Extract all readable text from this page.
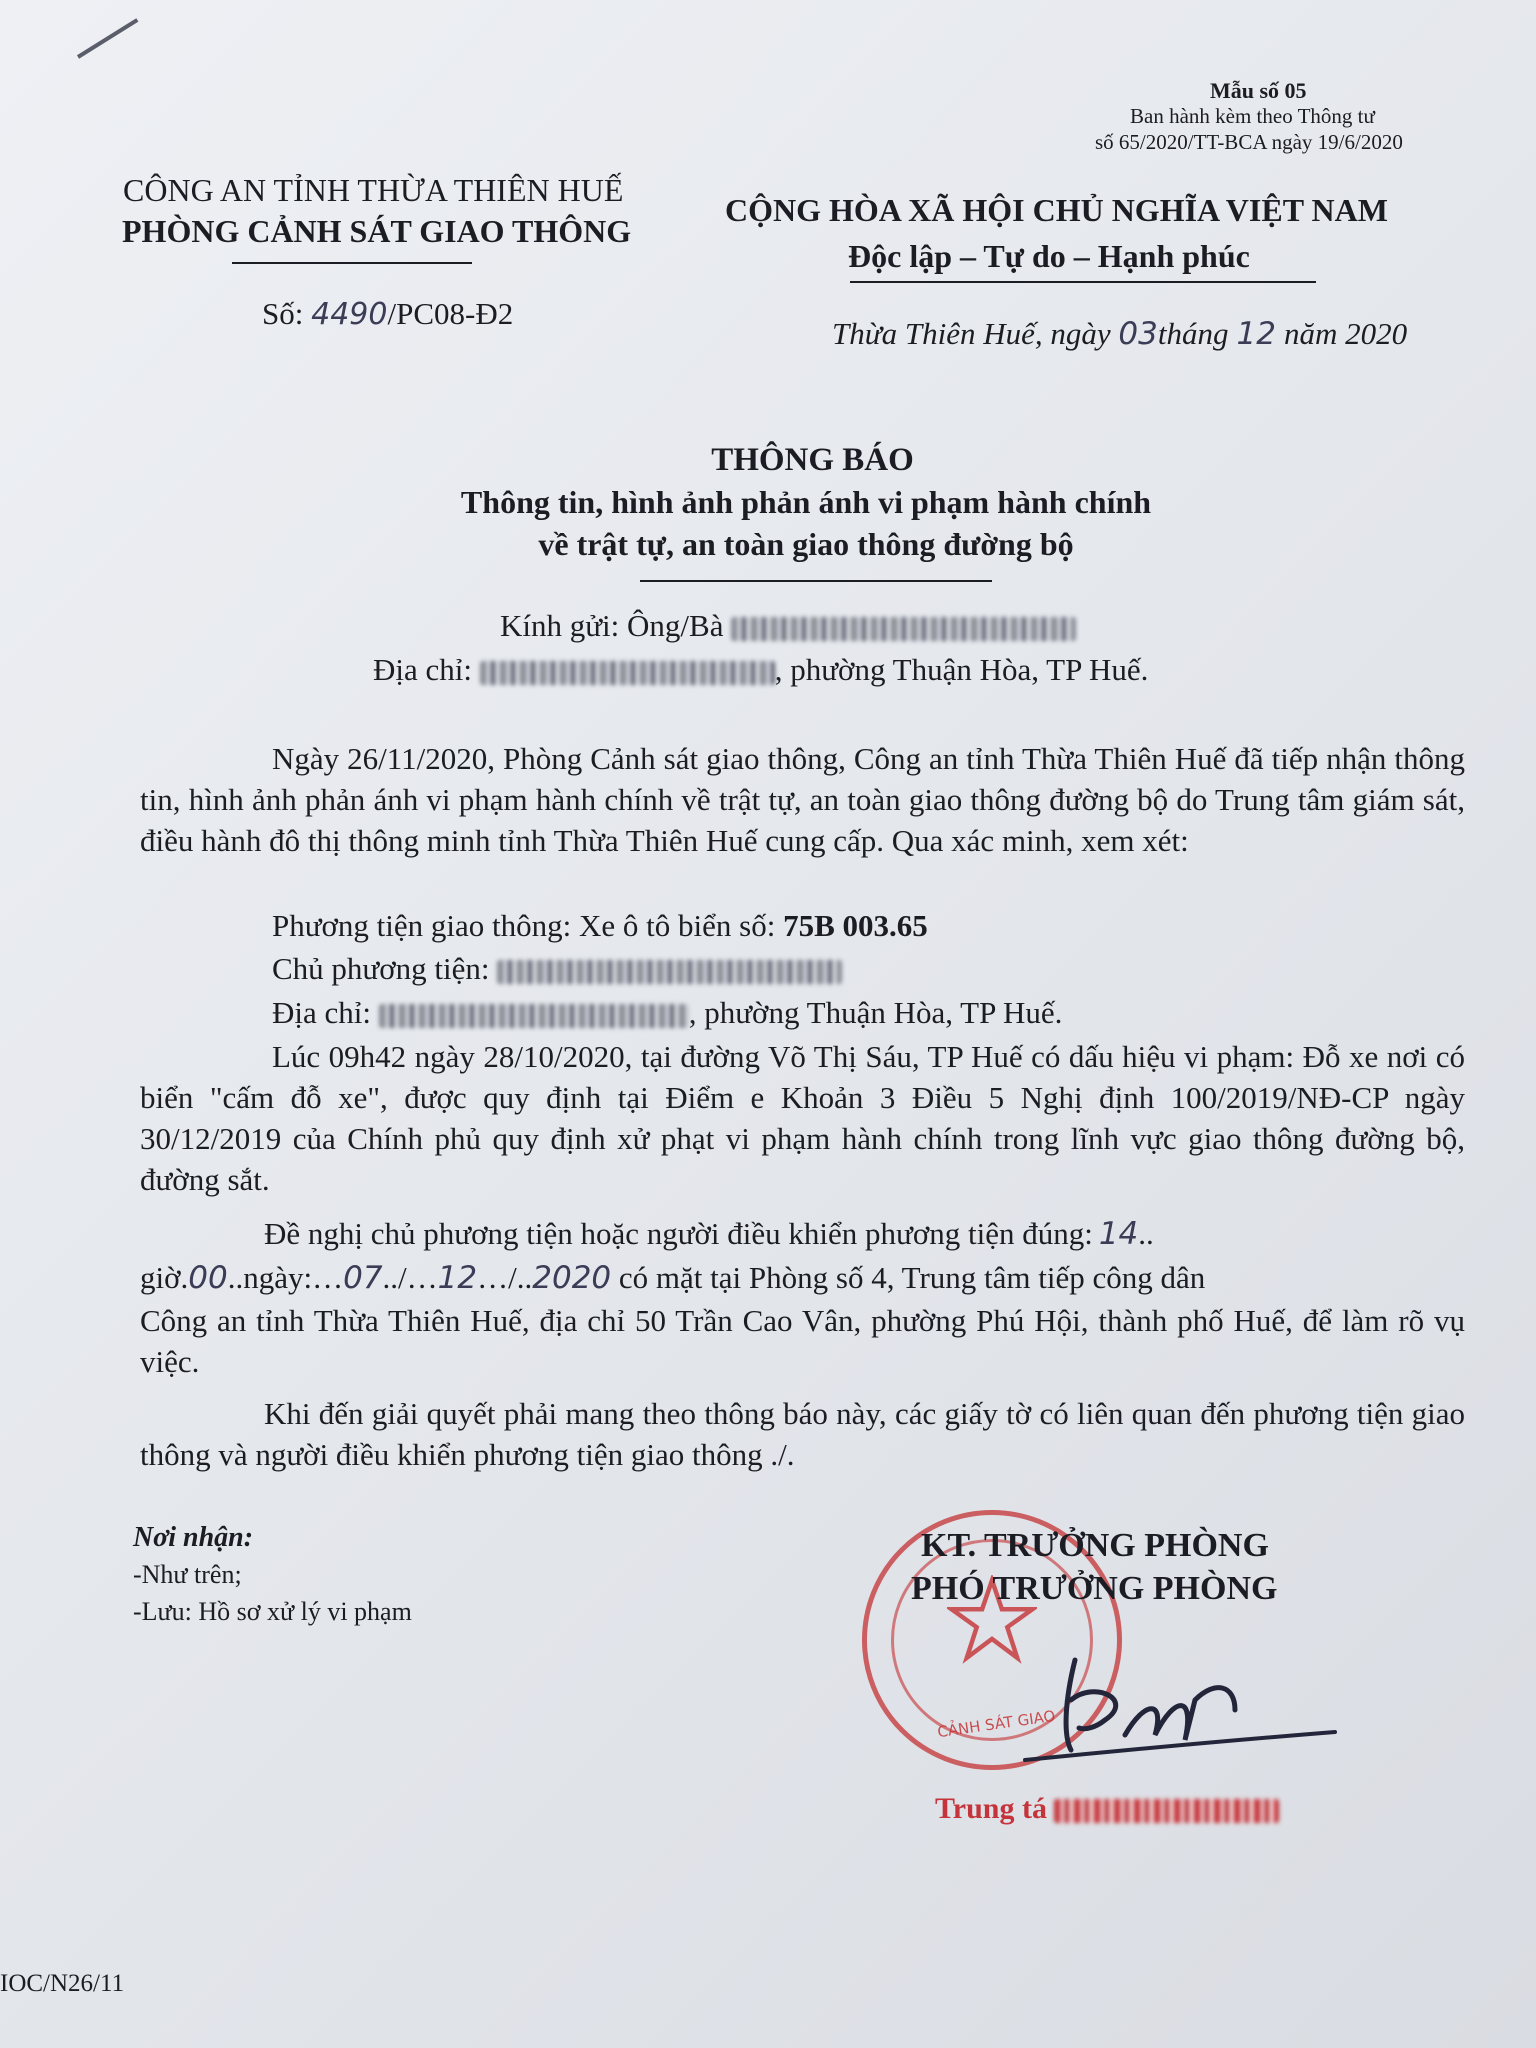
Mẫu số 05
Ban hành kèm theo Thông tư
số 65/2020/TT-BCA ngày 19/6/2020
CÔNG AN TỈNH THỪA THIÊN HUẾ
PHÒNG CẢNH SÁT GIAO THÔNG
Số: 4490/PC08-Đ2
CỘNG HÒA XÃ HỘI CHỦ NGHĨA VIỆT NAM
Độc lập – Tự do – Hạnh phúc
Thừa Thiên Huế, ngày 03tháng 12 năm 2020
THÔNG BÁO
Thông tin, hình ảnh phản ánh vi phạm hành chính
về trật tự, an toàn giao thông đường bộ
Kính gửi: Ông/Bà
Địa chỉ:	, phường Thuận Hòa, TP Huế.
Ngày 26/11/2020, Phòng Cảnh sát giao thông, Công an tỉnh Thừa Thiên Huế đã tiếp nhận thông tin, hình ảnh phản ánh vi phạm hành chính về trật tự, an toàn giao thông đường bộ do Trung tâm giám sát, điều hành đô thị thông minh tỉnh Thừa Thiên Huế cung cấp. Qua xác minh, xem xét:
Phương tiện giao thông: Xe ô tô biển số: 75B 003.65
Chủ phương tiện:
Địa chỉ:	, phường Thuận Hòa, TP Huế.
Lúc 09h42 ngày 28/10/2020, tại đường Võ Thị Sáu, TP Huế có dấu hiệu vi phạm: Đỗ xe nơi có biển "cấm đỗ xe", được quy định tại Điểm e Khoản 3 Điều 5 Nghị định 100/2019/NĐ-CP ngày 30/12/2019 của Chính phủ quy định xử phạt vi phạm hành chính trong lĩnh vực giao thông đường bộ, đường sắt.
Đề nghị chủ phương tiện hoặc người điều khiển phương tiện đúng: 14..
giờ.00..ngày:…07../…12…/..2020 có mặt tại Phòng số 4, Trung tâm tiếp công dân
Công an tỉnh Thừa Thiên Huế, địa chỉ 50 Trần Cao Vân, phường Phú Hội, thành phố Huế, để làm rõ vụ việc.
Khi đến giải quyết phải mang theo thông báo này, các giấy tờ có liên quan đến phương tiện giao thông và người điều khiển phương tiện giao thông ./.
Nơi nhận:
-Như trên;
-Lưu: Hồ sơ xử lý vi phạm
CẢNH SÁT GIAO
KT. TRƯỞNG PHÒNG
PHÓ TRƯỞNG PHÒNG
Trung tá
IOC/N26/11
